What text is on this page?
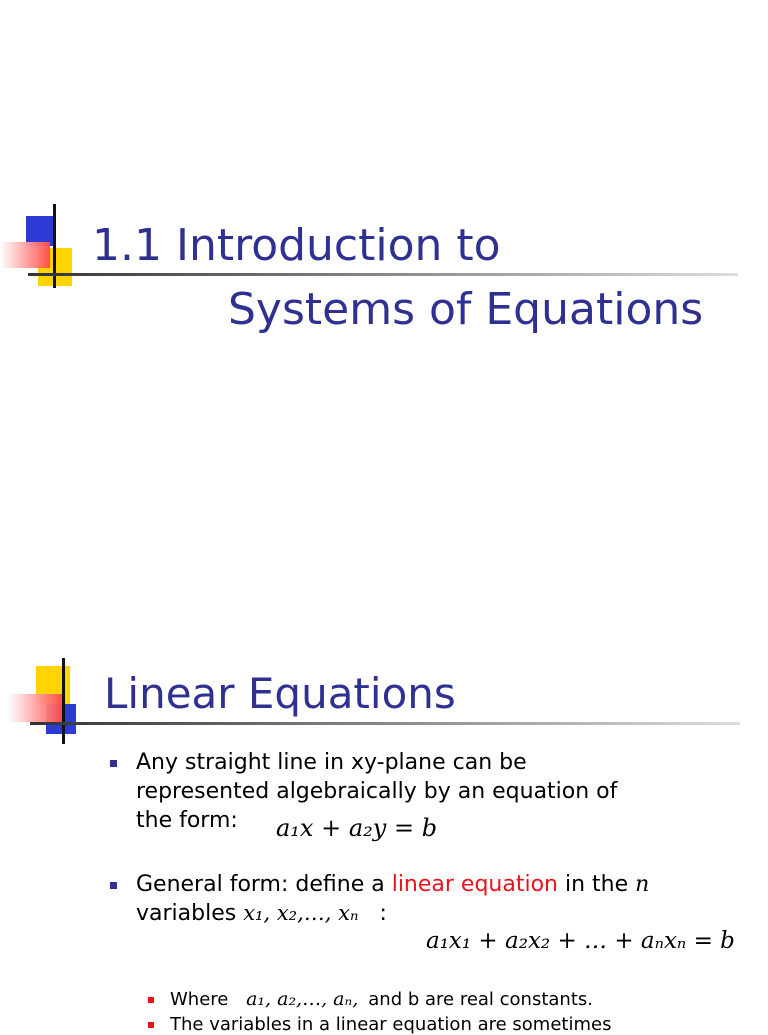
1.1 Introduction to
Systems of Equations
Linear Equations
Any straight line in xy-plane can be
represented algebraically by an equation of
the form:	a₁x + a₂y = b
General form: define a linear equation in the n
variables x₁, x₂,…, xₙ :
a₁x₁ + a₂x₂ + … + aₙxₙ = b
Where a₁, a₂,…, aₙ, and b are real constants.
The variables in a linear equation are sometimes
